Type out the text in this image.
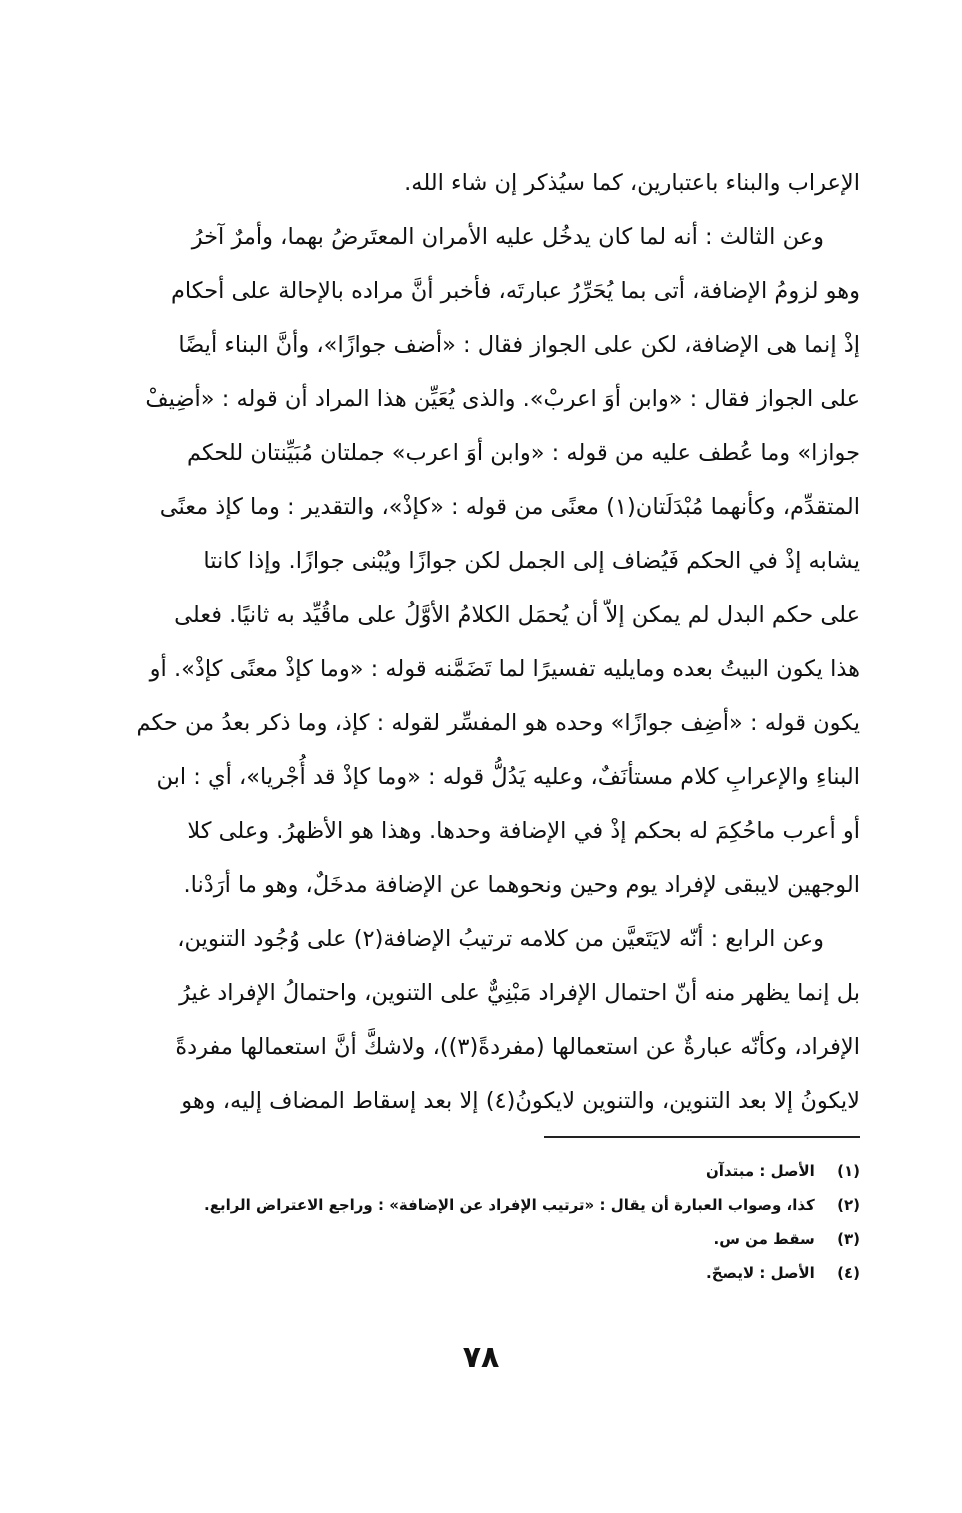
الإعراب والبناء باعتبارين، كما سيُذكر إن شاء الله.
وعن الثالث : أنه لما كان يدخُل عليه الأمران المعتَرضُ بهما، وأمرٌ آخرُ
وهو لزومُ الإضافة، أتى بما يُحَرِّرُ عبارتَه، فأخبر أنَّ مراده بالإحالة على أحكام
إذْ إنما هى الإضافة، لكن على الجواز فقال : «أضف جوازًا»، وأنَّ البناء أيضًا
على الجواز فقال : «وابن أوَ اعربْ». والذى يُعَيِّن هذا المراد أن قوله : «أضِيفْ
جوازا» وما عُطف عليه من قوله : «وابن أوَ اعرب» جملتان مُبَيِّنتان للحكم
المتقدِّم، وكأنهما مُبْدَلَتان(١) معنًى من قوله : «كإذْ»، والتقدير : وما كإذ معنًى
يشابه إذْ في الحكم فَيُضاف إلى الجمل لكن جوازًا ويُبْنى جوازًا. وإذا كانتا
على حكم البدل لم يمكن إلاّ أن يُحمَل الكلامُ الأوَّلُ على ماقُيِّد به ثانيًا. فعلى
هذا يكون البيتُ بعده ومايليه تفسيرًا لما تَضَمَّنه قوله : «وما كإذْ معنًى كإذْ». أو
يكون قوله : «أضِف جوازًا» وحده هو المفسِّر لقوله : كإذ، وما ذكر بعدُ من حكم
البناءِ والإعرابِ كلام مستأنَفٌ، وعليه يَدُلُّ قوله : «وما كإذْ قد أُجْريا»، أي : ابن
أو أعرب ماحُكِمَ له بحكم إذْ في الإضافة وحدها. وهذا هو الأظهرُ. وعلى كلا
الوجهين لايبقى لإفراد يوم وحين ونحوهما عن الإضافة مدخَلٌ، وهو ما أرَدْنا.
وعن الرابع : أنّه لايَتَعيَّن من كلامه ترتيبُ الإضافة(٢) على وُجُود التنوين،
بل إنما يظهر منه أنّ احتمال الإفراد مَبْنِيٌّ على التنوين، واحتمالُ الإفراد غيرُ
الإفراد، وكأنّه عبارةٌ عن استعمالها (مفردةً(٣))، ولاشكَّ أنَّ استعمالها مفردةً
لايكونُ إلا بعد التنوين، والتنوين لايكونُ(٤) إلا بعد إسقاط المضاف إليه، وهو
(١) الأصل : مبتدآن
(٢) كذا، وصواب العبارة أن يقال : «ترتيب الإفراد عن الإضافة» : وراجع الاعتراض الرابع.
(٣) سقط من س.
(٤) الأصل : لايصحّ.
٧٨
